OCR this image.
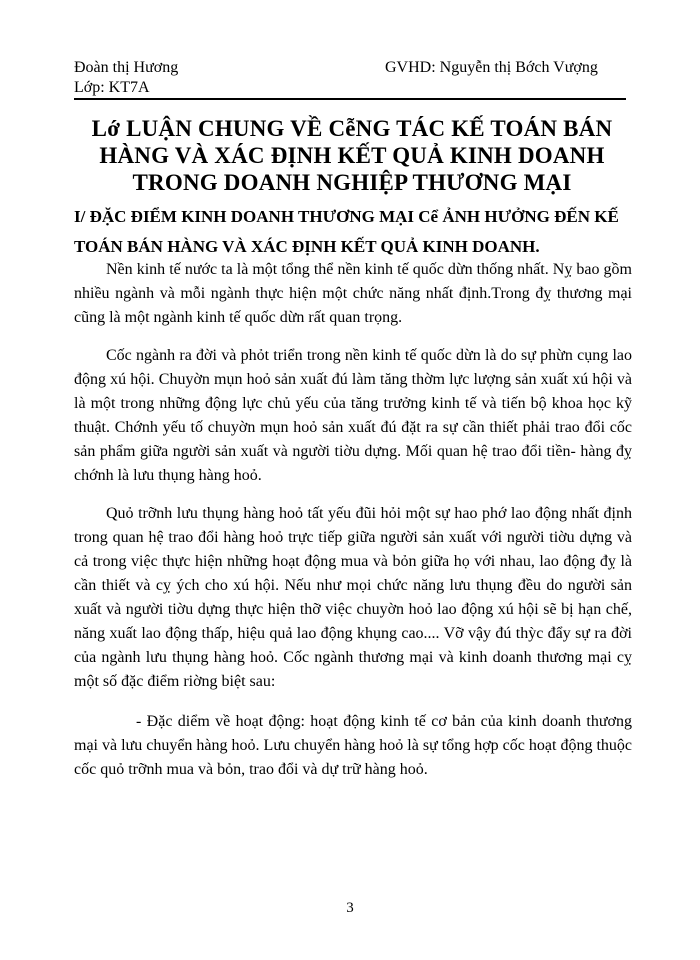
Đoàn thị Hương
Lớp: KT7A
GVHD: Nguyễn thị Bớch Vượng
Lớ LUẬN CHUNG VỀ CễNG TÁC KẾ TOÁN BÁN HÀNG VÀ XÁC ĐỊNH KẾT QUẢ KINH DOANH TRONG DOANH NGHIỆP THƯƠNG MẠI
I/ ĐẶC ĐIỂM KINH DOANH THƯƠNG MẠI Cể ẢNH HƯỞNG ĐẾN KẾ TOÁN BÁN HÀNG VÀ XÁC ĐỊNH KẾT QUẢ KINH DOANH.

Nền kinh tế nước ta là một tổng thể nền kinh tế quốc dừn thống nhất. Nỵ bao gồm nhiều ngành và mỗi ngành thực hiện một chức năng nhất định.Trong đỵ thương mại cũng là một ngành kinh tế quốc dừn rất quan trọng.

Cốc ngành ra đời và phỏt triển trong nền kinh tế quốc dừn là do sự phừn cụng lao động xú hội. Chuyờn mụn hoỏ sản xuất đú làm tăng thờm lực lượng sản xuất xú hội và là một trong những động lực chủ yếu của tăng trưởng kinh tế và tiến bộ khoa học kỹ thuật. Chớnh yếu tố chuyờn mụn hoỏ sản xuất đú đặt ra sự cần thiết phải trao đổi cốc sản phẩm giữa người sản xuất và người tiờu dựng. Mối quan hệ trao đổi tiền- hàng đỵ chớnh là lưu thụng hàng hoỏ.

Quỏ trỡnh lưu thụng hàng hoỏ tất yếu đũi hỏi một sự hao phớ lao động nhất định trong quan hệ trao đổi hàng hoỏ trực tiếp giữa người sản xuất với người tiờu dựng và cả trong việc thực hiện những hoạt động mua và bỏn giữa họ với nhau, lao động đỵ là cần thiết và cỵ ých cho xú hội. Nếu như mọi chức năng lưu thụng đều do người sản xuất và người tiờu dựng thực hiện thỡ việc chuyờn hoỏ lao động xú hội sẽ bị hạn chế, năng xuất lao động thấp, hiệu quả lao động khụng cao.... Vỡ vậy đú thỳc đẩy sự ra đời của ngành lưu thụng hàng hoỏ. Cốc ngành thương mại và kinh doanh thương mại cỵ một số đặc điểm riờng biệt sau:

- Đặc diểm về hoạt động: hoạt động kinh tế cơ bản của kinh doanh thương mại và lưu chuyển hàng hoỏ. Lưu chuyển hàng hoỏ là sự tổng hợp cốc hoạt động thuộc cốc quỏ trỡnh mua và bỏn, trao đổi và dự trữ hàng hoỏ.

3
